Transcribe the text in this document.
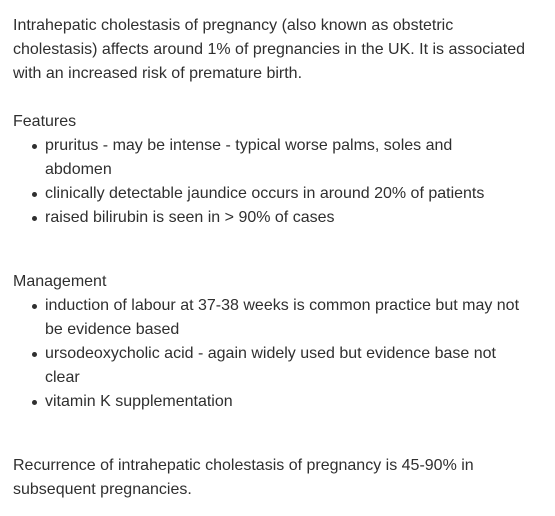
Intrahepatic cholestasis of pregnancy (also known as obstetric cholestasis) affects around 1% of pregnancies in the UK. It is associated with an increased risk of premature birth.

Features

pruritus - may be intense - typical worse palms, soles and abdomen
clinically detectable jaundice occurs in around 20% of patients
raised bilirubin is seen in > 90% of cases

Management

induction of labour at 37-38 weeks is common practice but may not be evidence based
ursodeoxycholic acid - again widely used but evidence base not clear
vitamin K supplementation

Recurrence of intrahepatic cholestasis of pregnancy is 45-90% in subsequent pregnancies.
